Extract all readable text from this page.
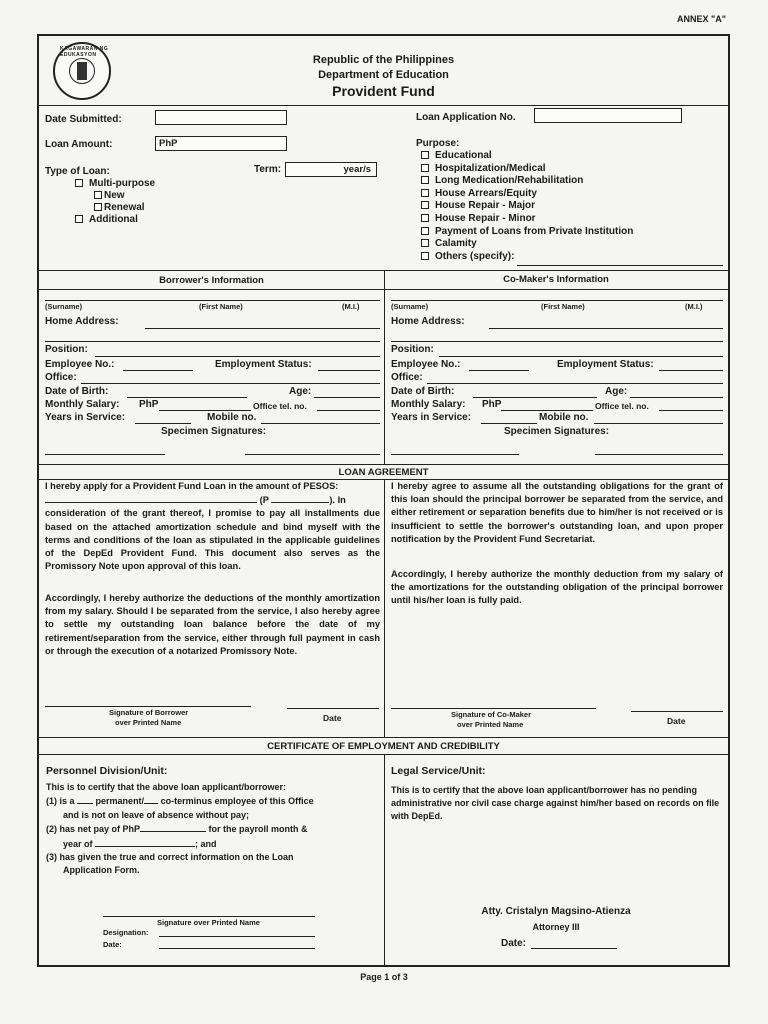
ANNEX "A"
KAGAWARAN NG EDUKASYON	Republic of the Philippines
Department of Education
Provident Fund
Date Submitted:	Loan Application No.
Loan Amount:	PhP
Type of Loan:	Term:	year/s
Multi-purpose
New
Renewal
Additional
Purpose:
Educational
Hospitalization/Medical
Long Medication/Rehabilitation
House Arrears/Equity
House Repair - Major
House Repair - Minor
Payment of Loans from Private Institution
Calamity
Others (specify):
Borrower's Information	Co-Maker's Information
(Surname)	(First Name)	(M.I.)
Home Address:
Position:
Employee No.:	Employment Status:
Office:
Date of Birth:	Age:
Monthly Salary: PhP	Office tel. no.
Years in Service:	Mobile no.
Specimen Signatures:
(Surname)	(First Name)	(M.I.)
Home Address:
Position:
Employee No.:	Employment Status:
Office:
Date of Birth:	Age:
Monthly Salary: PhP	Office tel. no.
Years in Service:	Mobile no.
Specimen Signatures:
LOAN AGREEMENT
I hereby apply for a Provident Fund Loan in the amount of PESOS:
(P	). In
consideration of the grant thereof, I promise to pay all installments due based on the attached amortization schedule and bind myself with the terms and conditions of the loan as stipulated in the applicable guidelines of the DepEd Provident Fund. This document also serves as the Promissory Note upon approval of this loan.
Accordingly, I hereby authorize the deductions of the monthly amortization from my salary. Should I be separated from the service, I also hereby agree to settle my outstanding loan balance before the date of my retirement/separation from the service, either through full payment in cash or through the execution of a notarized Promissory Note.
I hereby agree to assume all the outstanding obligations for the grant of this loan should the principal borrower be separated from the service, and either retirement or separation benefits due to him/her is not received or is insufficient to settle the borrower's outstanding loan, and upon proper notification by the Provident Fund Secretariat.
Accordingly, I hereby authorize the monthly deduction from my salary of the amortizations for the outstanding obligation of the principal borrower until his/her loan is fully paid.
Signature of Borrower
over Printed Name	Date	Signature of Co-Maker
over Printed Name	Date
CERTIFICATE OF EMPLOYMENT AND CREDIBILITY
Personnel Division/Unit:
This is to certify that the above loan applicant/borrower:
(1) is a permanent/ co-terminus employee of this Office
and is not on leave of absence without pay;
(2) has net pay of PhP	for the payroll month &
year of	; and
(3) has given the true and correct information on the Loan
Application Form.
Signature over Printed Name
Designation:
Date:
Legal Service/Unit:
This is to certify that the above loan applicant/borrower has no pending administrative nor civil case charge against him/her based on records on file with DepEd.
Atty. Cristalyn Magsino-Atienza
Attorney III
Date:
Page 1 of 3
